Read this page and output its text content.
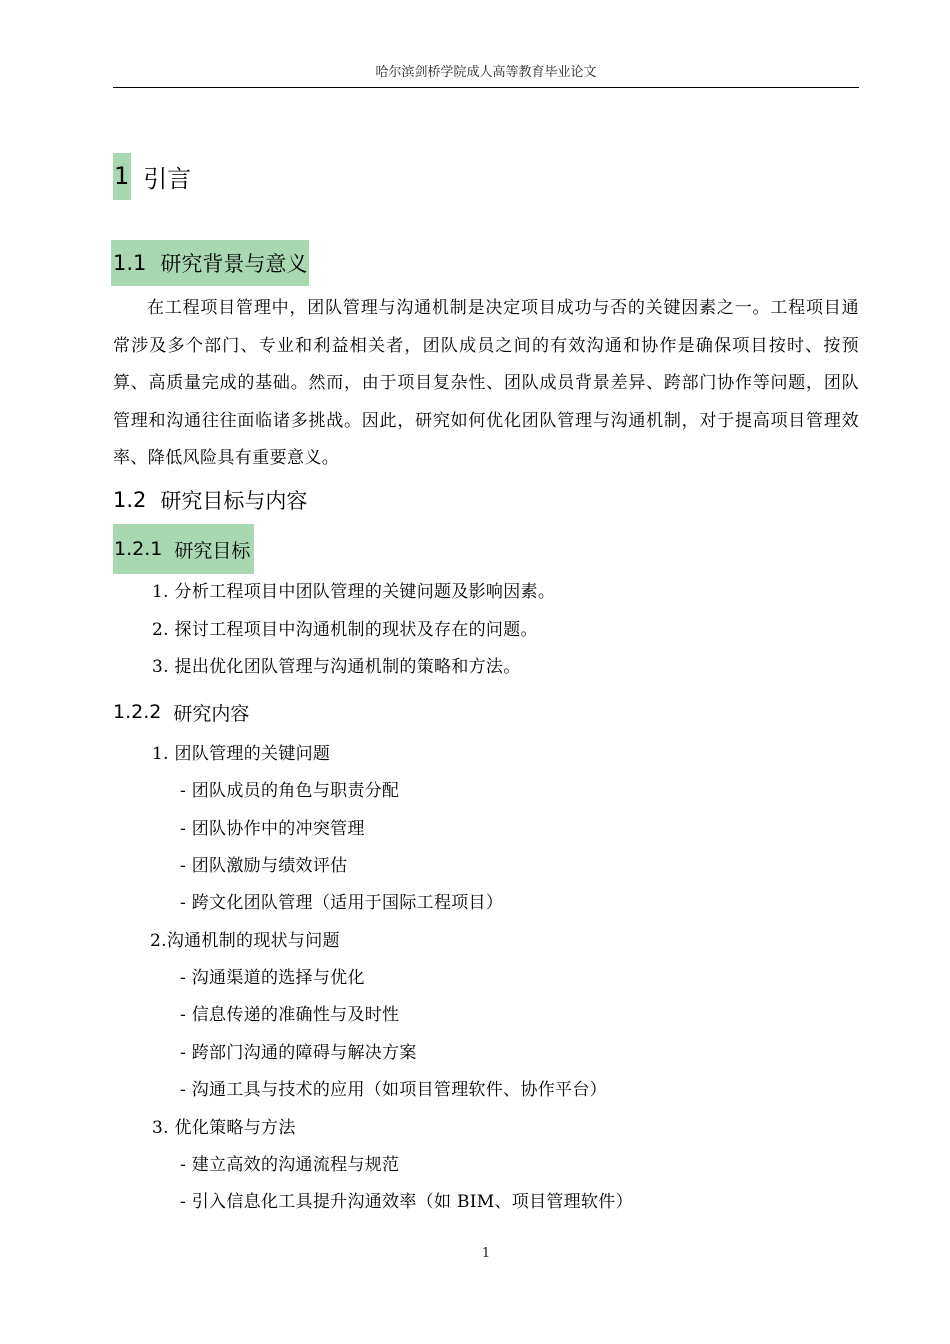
哈尔滨剑桥学院成人高等教育毕业论文
1 引言
1.1 研究背景与意义

在工程项目管理中，团队管理与沟通机制是决定项目成功与否的关键因素之一。工程项目通常涉及多个部门、专业和利益相关者，团队成员之间的有效沟通和协作是确保项目按时、按预算、高质量完成的基础。然而，由于项目复杂性、团队成员背景差异、跨部门协作等问题，团队管理和沟通往往面临诸多挑战。因此，研究如何优化团队管理与沟通机制，对于提高项目管理效率、降低风险具有重要意义。

1.2 研究目标与内容
1.2.1 研究目标
1. 分析工程项目中团队管理的关键问题及影响因素。
2. 探讨工程项目中沟通机制的现状及存在的问题。
3. 提出优化团队管理与沟通机制的策略和方法。
1.2.2 研究内容
1. 团队管理的关键问题
- 团队成员的角色与职责分配
- 团队协作中的冲突管理
- 团队激励与绩效评估
- 跨文化团队管理（适用于国际工程项目）
2.沟通机制的现状与问题
- 沟通渠道的选择与优化
- 信息传递的准确性与及时性
- 跨部门沟通的障碍与解决方案
- 沟通工具与技术的应用（如项目管理软件、协作平台）
3. 优化策略与方法
- 建立高效的沟通流程与规范
- 引入信息化工具提升沟通效率（如 BIM、项目管理软件）
1
